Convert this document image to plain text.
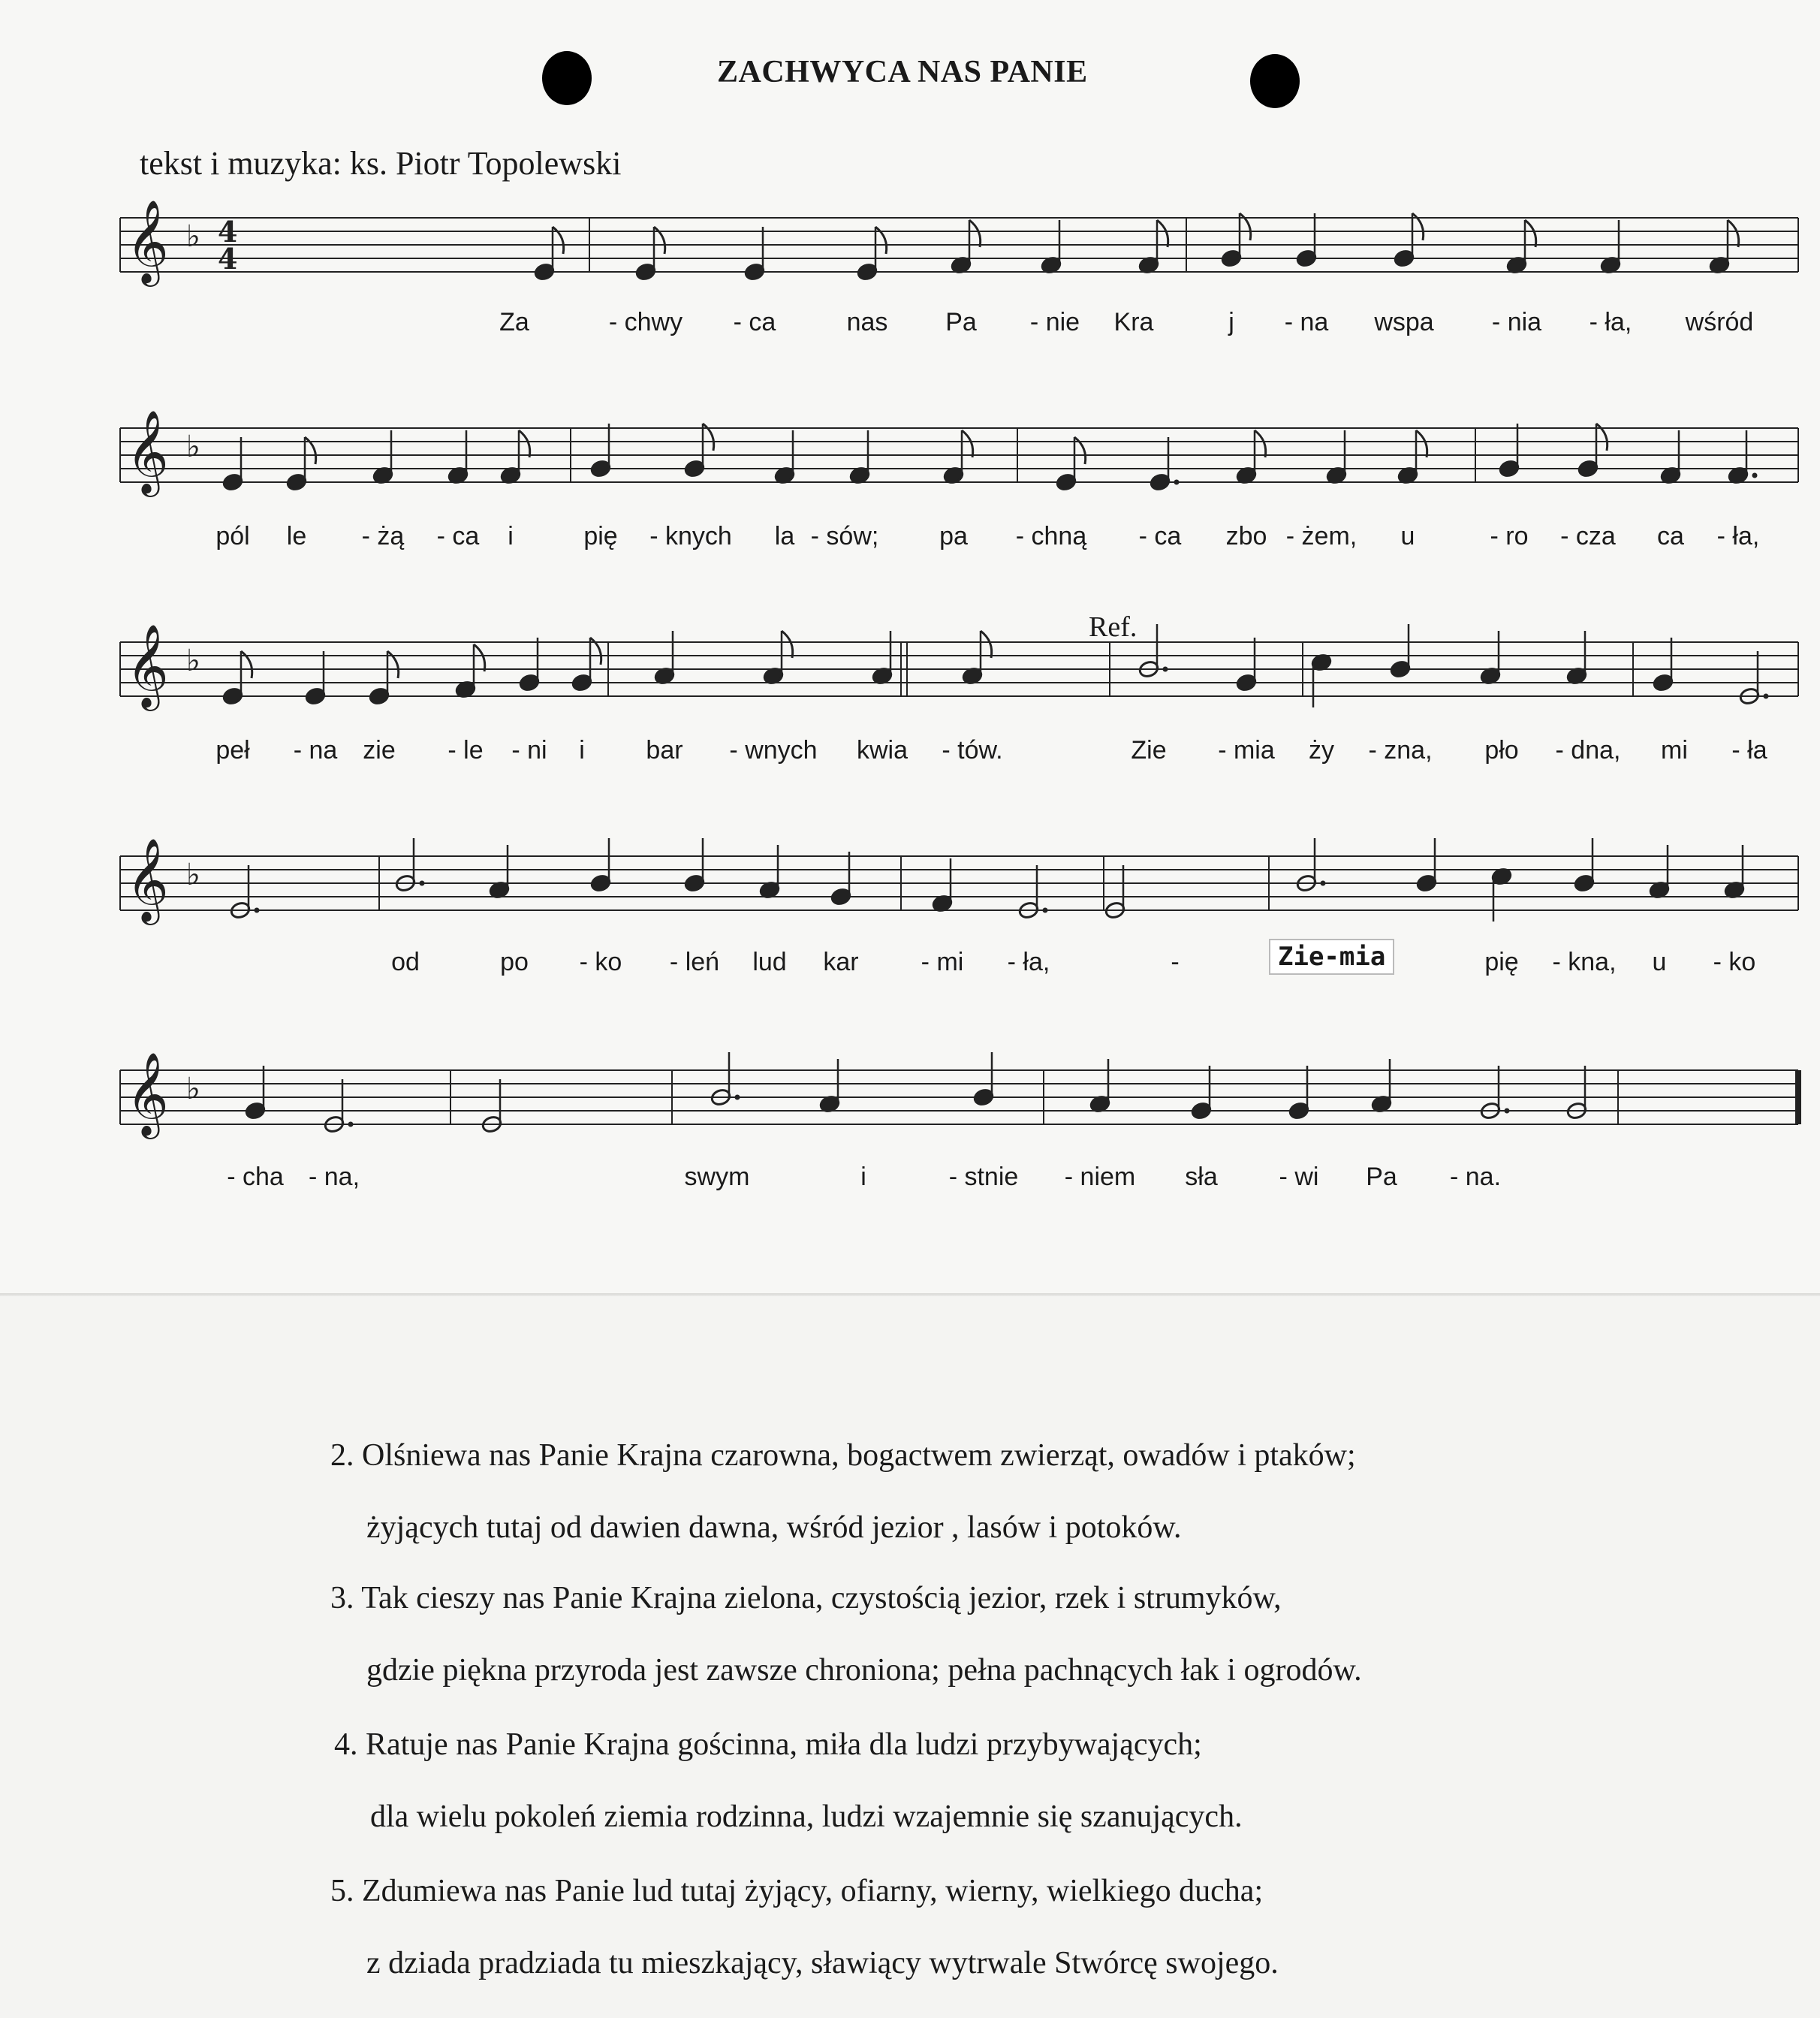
ZACHWYCA NAS PANIE
tekst i muzyka: ks. Piotr Topolewski
Ref.
Zie-mia
𝄞 ♭ 4
4
Za	- chwy - ca	nas Pa - nie Kra	j - na wspa - nia - ła, wśród
𝄞 ♭
pól le - żą - ca i	pię - knych la - sów; pa - chną - ca zbo - żem, u	- ro - cza ca - ła,
𝄞 ♭
peł - na zie - le - ni i bar - wnych kwia - tów.	Zie - mia ży - zna, pło - dna, mi - ła
𝄞 ♭
od	po - ko - leń lud kar - mi - ła,	-	pię - kna, u - ko
𝄞 ♭
- cha - na,	swym	i	- stnie - niem sła - wi Pa - na.
2. Olśniewa nas Panie Krajna czarowna, bogactwem zwierząt, owadów i ptaków;
żyjących tutaj od dawien dawna, wśród jezior , lasów i potoków.
3. Tak cieszy nas Panie Krajna zielona, czystością jezior, rzek i strumyków,
gdzie piękna przyroda jest zawsze chroniona; pełna pachnących łak i ogrodów.
4. Ratuje nas Panie Krajna gościnna, miła dla ludzi przybywających;
dla wielu pokoleń ziemia rodzinna, ludzi wzajemnie się szanujących.
5. Zdumiewa nas Panie lud tutaj żyjący, ofiarny, wierny, wielkiego ducha;
z dziada pradziada tu mieszkający, sławiący wytrwale Stwórcę swojego.
